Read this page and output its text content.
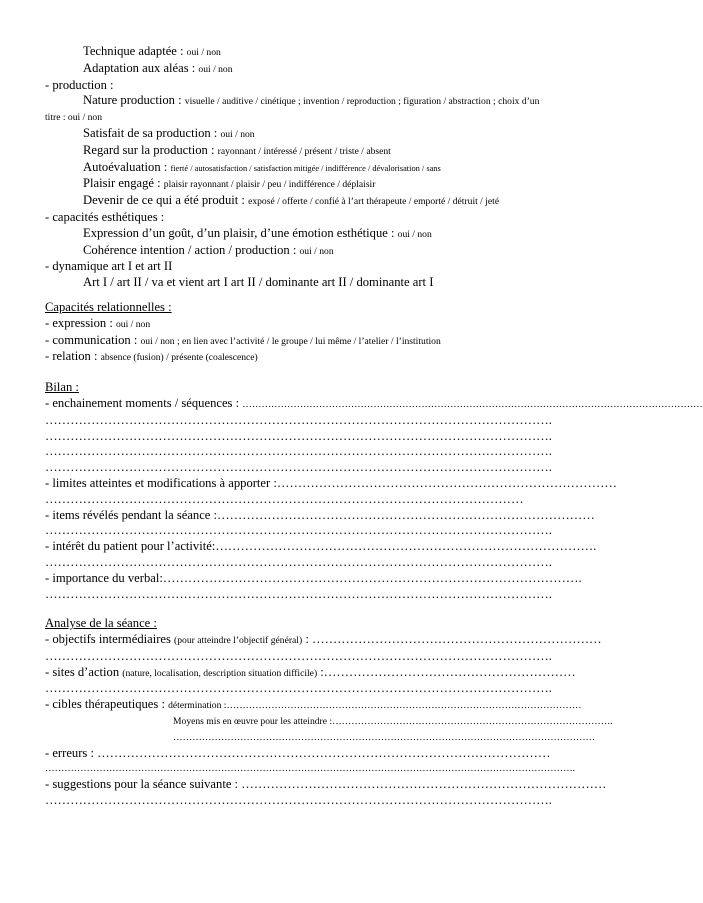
Technique adaptée : oui / non
Adaptation aux aléas : oui / non
- production :
Nature production : visuelle / auditive / cinétique ; invention / reproduction ; figuration / abstraction ; choix d’un
titre : oui / non
Satisfait de sa production : oui / non
Regard sur la production : rayonnant / intéressé / présent / triste / absent
Autoévaluation : fierté / autosatisfaction / satisfaction mitigée / indifférence / dévalorisation / sans
Plaisir engagé : plaisir rayonnant / plaisir / peu / indifférence / déplaisir
Devenir de ce qui a été produit : exposé / offerte / confié à l’art thérapeute / emporté / détruit / jeté
- capacités esthétiques :
Expression d’un goût, d’un plaisir, d’une émotion esthétique : oui / non
Cohérence intention / action / production : oui / non
- dynamique art I et art II
Art I / art II / va et vient art I art II / dominante art II / dominante art I
Capacités relationnelles :
- expression : oui / non
- communication : oui / non ; en lien avec l’activité / le groupe / lui même / l’atelier / l’institution
- relation : absence (fusion) / présente (coalescence)
Bilan :
- enchainement moments / séquences : ………………………………………………………………………………………………………………………………
………………………………………………………………………………………………………….
………………………………………………………………………………………………………….
………………………………………………………………………………………………………….
………………………………………………………………………………………………………….
- limites atteintes et modifications à apporter :………………………………………………………………………
……………………………………………………………………………………………………
- items révélés pendant la séance :………………………………………………………………………………
………………………………………………………………………………………………………….
- intérêt du patient pour l’activité:……………………………………………………………………………….
………………………………………………………………………………………………………….
- importance du verbal:……………………………………………………………………………………….
………………………………………………………………………………………………………….
Analyse de la séance :
- objectifs intermédiaires (pour atteindre l’objectif général) : ……………………………………………………………
………………………………………………………………………………………………………….
- sites d’action (nature, localisation, description situation difficile) :……………………………………………………
………………………………………………………………………………………………………….
- cibles thérapeutiques : détermination :…………………………………………………………………………………………………
Moyens mis en œuvre pour les atteindre :…………………………………………………………………………….
……………………………………………………………………………………………………………………
- erreurs : ………………………………………………………………………………………………
………………………………………………………………………………………………………………………………………………….
- suggestions pour la séance suivante : ……………………………………………………………………………
………………………………………………………………………………………………………….
